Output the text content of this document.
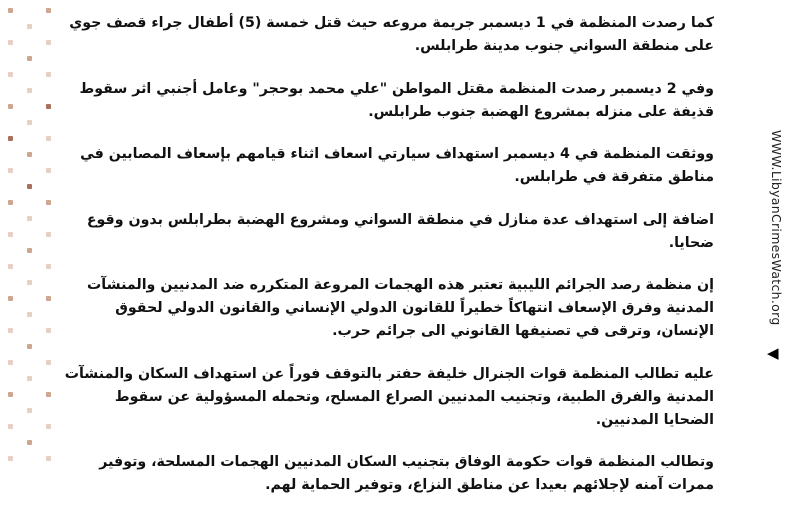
كما رصدت المنظمة في 1 ديسمبر جريمة مروعه حيث قتل خمسة (5) أطفال جراء قصف جوي على منطقة السواني جنوب مدينة طرابلس.

وفي 2 ديسمبر رصدت المنظمة مقتل المواطن "علي محمد بوحجر" وعامل أجنبي اثر سقوط قذيفة على منزله بمشروع الهضبة جنوب طرابلس.

ووثقت المنظمة في 4 ديسمبر استهداف سيارتي اسعاف اثناء قيامهم بإسعاف المصابين في مناطق متفرقة في طرابلس.

اضافة إلى استهداف عدة منازل في منطقة السواني ومشروع الهضبة بطرابلس بدون وقوع ضحايا.

إن منظمة رصد الجرائم الليبية تعتبر هذه الهجمات المروعة المتكرره ضد المدنيين والمنشآت المدنية وفرق الإسعاف انتهاكاً خطيراً للقانون الدولي الإنساني والقانون الدولي لحقوق الإنسان، وترقى في تصنيفها القانوني الى جرائم حرب.

عليه تطالب المنظمة قوات الجنرال خليفة حفتر بالتوقف فوراً عن استهداف السكان والمنشآت المدنية والفرق الطبية، وتجنيب المدنيين الصراع المسلح، وتحمله المسؤولية عن سقوط الضحايا المدنيين.

وتطالب المنظمة قوات حكومة الوفاق بتجنيب السكان المدنيين الهجمات المسلحة، وتوفير ممرات آمنه لإجلائهم بعيدا عن مناطق النزاع، وتوفير الحماية لهم.

WWW.LibyanCrimesWatch.org
◀
